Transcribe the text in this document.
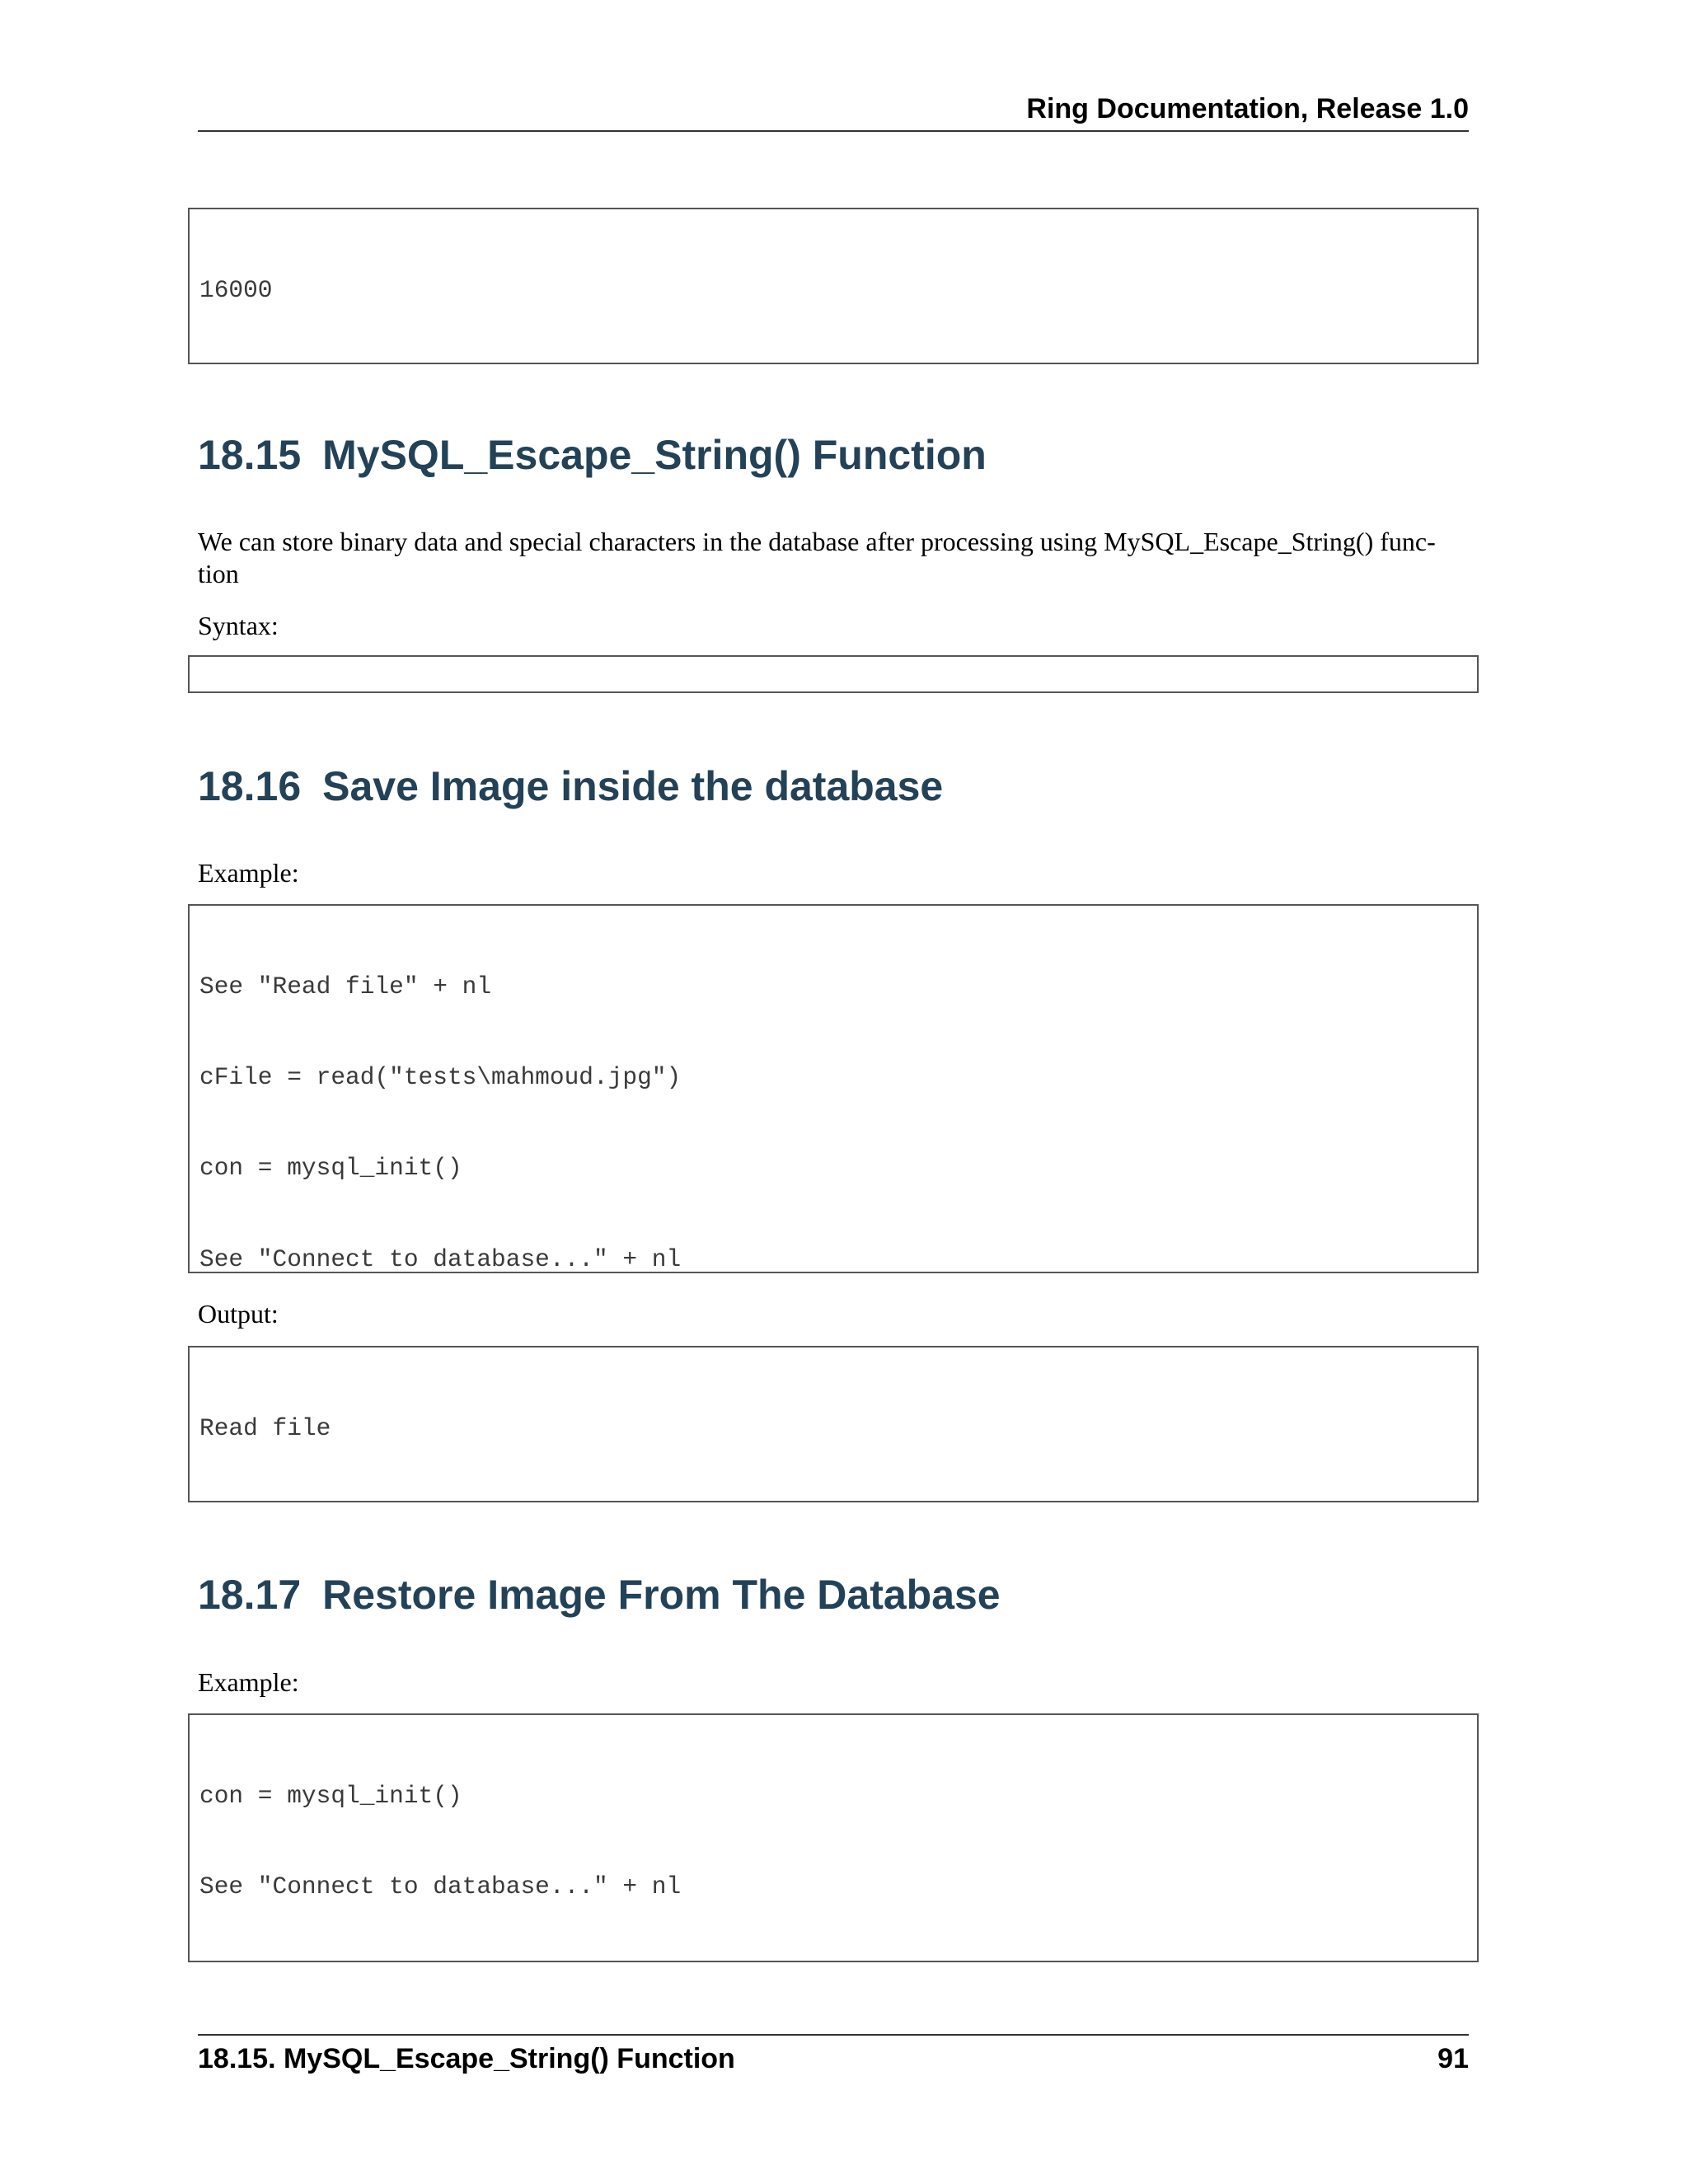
Ring Documentation, Release 1.0

16000

18.15 MySQL_Escape_String() Function
We can store binary data and special characters in the database after processing using MySQL_Escape_String() func-
tion
Syntax:

18.16 Save Image inside the database
Example:

See "Read file" + nl

cFile = read("tests\mahmoud.jpg")

con = mysql_init()

See "Connect to database..." + nl

Output:

Read file

18.17 Restore Image From The Database
Example:

con = mysql_init()

See "Connect to database..." + nl

18.15. MySQL_Escape_String() Function	91
